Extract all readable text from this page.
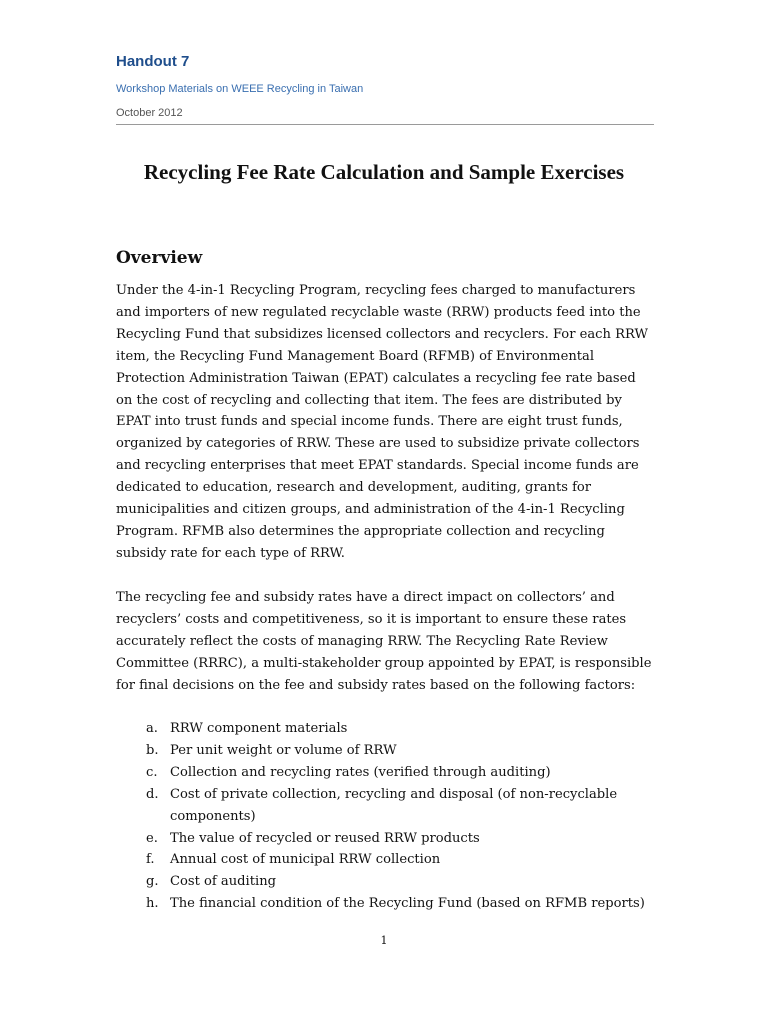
Handout 7
Workshop Materials on WEEE Recycling in Taiwan
October 2012
Recycling Fee Rate Calculation and Sample Exercises
Overview

Under the 4-in-1 Recycling Program, recycling fees charged to manufacturers and importers of new regulated recyclable waste (RRW) products feed into the Recycling Fund that subsidizes licensed collectors and recyclers. For each RRW item, the Recycling Fund Management Board (RFMB) of Environmental Protection Administration Taiwan (EPAT) calculates a recycling fee rate based on the cost of recycling and collecting that item. The fees are distributed by EPAT into trust funds and special income funds. There are eight trust funds, organized by categories of RRW. These are used to subsidize private collectors and recycling enterprises that meet EPAT standards. Special income funds are dedicated to education, research and development, auditing, grants for municipalities and citizen groups, and administration of the 4-in-1 Recycling Program. RFMB also determines the appropriate collection and recycling subsidy rate for each type of RRW.

The recycling fee and subsidy rates have a direct impact on collectors’ and recyclers’ costs and competitiveness, so it is important to ensure these rates accurately reflect the costs of managing RRW. The Recycling Rate Review Committee (RRRC), a multi-stakeholder group appointed by EPAT, is responsible for final decisions on the fee and subsidy rates based on the following factors:

a. RRW component materials
b. Per unit weight or volume of RRW
c. Collection and recycling rates (verified through auditing)
d. Cost of private collection, recycling and disposal (of non-recyclable components)
e. The value of recycled or reused RRW products
f. Annual cost of municipal RRW collection
g. Cost of auditing
h. The financial condition of the Recycling Fund (based on RFMB reports)
1
